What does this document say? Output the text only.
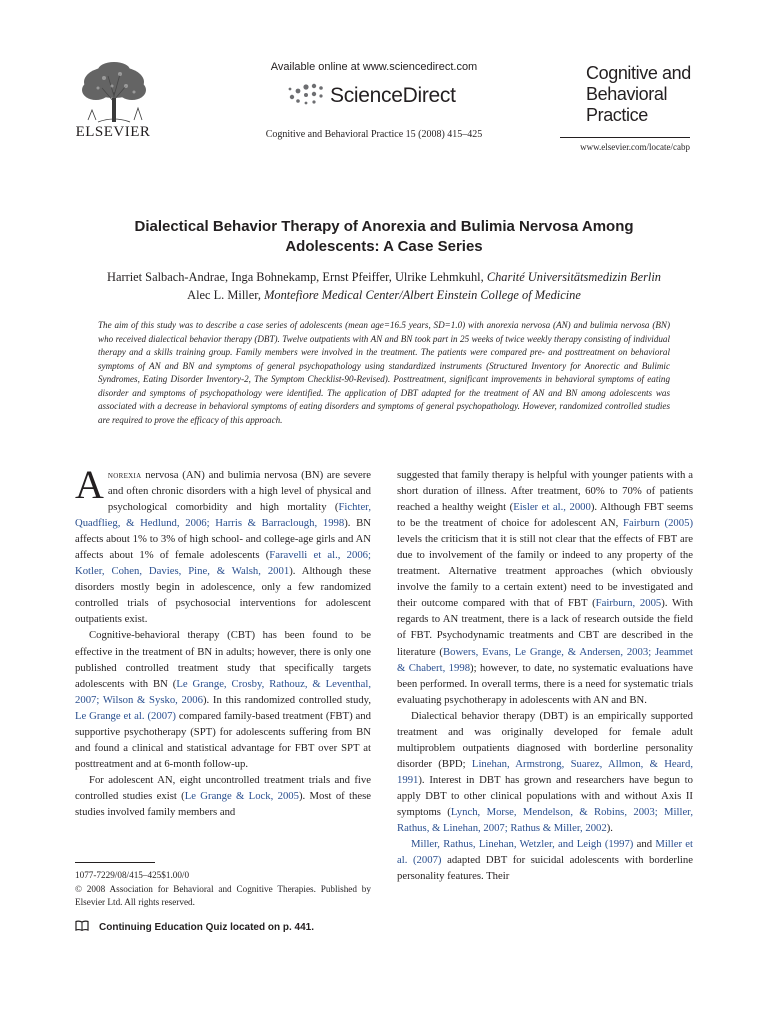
ELSEVIER
Available online at www.sciencedirect.com
ScienceDirect
Cognitive and Behavioral Practice 15 (2008) 415–425
Cognitive and
Behavioral
Practice
www.elsevier.com/locate/cabp
Dialectical Behavior Therapy of Anorexia and Bulimia Nervosa Among
Adolescents: A Case Series
Harriet Salbach-Andrae, Inga Bohnekamp, Ernst Pfeiffer, Ulrike Lehmkuhl, Charité Universitätsmedizin Berlin
Alec L. Miller, Montefiore Medical Center/Albert Einstein College of Medicine
The aim of this study was to describe a case series of adolescents (mean age=16.5 years, SD=1.0) with anorexia nervosa (AN) and bulimia nervosa (BN) who received dialectical behavior therapy (DBT). Twelve outpatients with AN and BN took part in 25 weeks of twice weekly therapy consisting of individual therapy and a skills training group. Family members were involved in the treatment. The patients were compared pre- and posttreatment on behavioral symptoms of AN and BN and symptoms of general psychopathology using standardized instruments (Structured Inventory for Anorectic and Bulimic Syndromes, Eating Disorder Inventory-2, The Symptom Checklist-90-Revised). Posttreatment, significant improvements in behavioral symptoms of eating disorder and symptoms of psychopathology were identified. The application of DBT adapted for the treatment of AN and BN among adolescents was associated with a decrease in behavioral symptoms of eating disorders and symptoms of general psychopathology. However, randomized controlled studies are required to prove the efficacy of this approach.

Anorexia nervosa (AN) and bulimia nervosa (BN) are severe and often chronic disorders with a high level of physical and psychological comorbidity and high mortality (Fichter, Quadflieg, & Hedlund, 2006; Harris & Barraclough, 1998). BN affects about 1% to 3% of high school- and college-age girls and AN affects about 1% of female adolescents (Faravelli et al., 2006; Kotler, Cohen, Davies, Pine, & Walsh, 2001). Although these disorders mostly begin in adolescence, only a few randomized controlled trials of psychosocial interventions for adolescent outpatients exist.

Cognitive-behavioral therapy (CBT) has been found to be effective in the treatment of BN in adults; however, there is only one published controlled treatment study that specifically targets adolescents with BN (Le Grange, Crosby, Rathouz, & Leventhal, 2007; Wilson & Sysko, 2006). In this randomized controlled study, Le Grange et al. (2007) compared family-based treatment (FBT) and supportive psychotherapy (SPT) for adolescents suffering from BN and found a clinical and statistical advantage for FBT over SPT at posttreatment and at 6-month follow-up.

For adolescent AN, eight uncontrolled treatment trials and five controlled studies exist (Le Grange & Lock, 2005). Most of these studies involved family members and

suggested that family therapy is helpful with younger patients with a short duration of illness. After treatment, 60% to 70% of patients reached a healthy weight (Eisler et al., 2000). Although FBT seems to be the treatment of choice for adolescent AN, Fairburn (2005) levels the criticism that it is still not clear that the effects of FBT are due to involvement of the family or indeed to any property of the treatment. Alternative treatment approaches (which obviously involve the family to a certain extent) need to be investigated and their outcome compared with that of FBT (Fairburn, 2005). With regards to AN treatment, there is a lack of research outside the field of FBT. Psychodynamic treatments and CBT are described in the literature (Bowers, Evans, Le Grange, & Andersen, 2003; Jeammet & Chabert, 1998); however, to date, no systematic evaluations have been performed. In overall terms, there is a need for systematic trials evaluating psychotherapy in adolescents with AN and BN.

Dialectical behavior therapy (DBT) is an empirically supported treatment and was originally developed for female adult multiproblem outpatients diagnosed with borderline personality disorder (BPD; Linehan, Armstrong, Suarez, Allmon, & Heard, 1991). Interest in DBT has grown and researchers have begun to apply DBT to other clinical populations with and without Axis II symptoms (Lynch, Morse, Mendelson, & Robins, 2003; Miller, Rathus, & Linehan, 2007; Rathus & Miller, 2002).

Miller, Rathus, Linehan, Wetzler, and Leigh (1997) and Miller et al. (2007) adapted DBT for suicidal adolescents with borderline personality features. Their

1077-7229/08/415–425$1.00/0
© 2008 Association for Behavioral and Cognitive Therapies. Published by Elsevier Ltd. All rights reserved.
Continuing Education Quiz located on p. 441.
